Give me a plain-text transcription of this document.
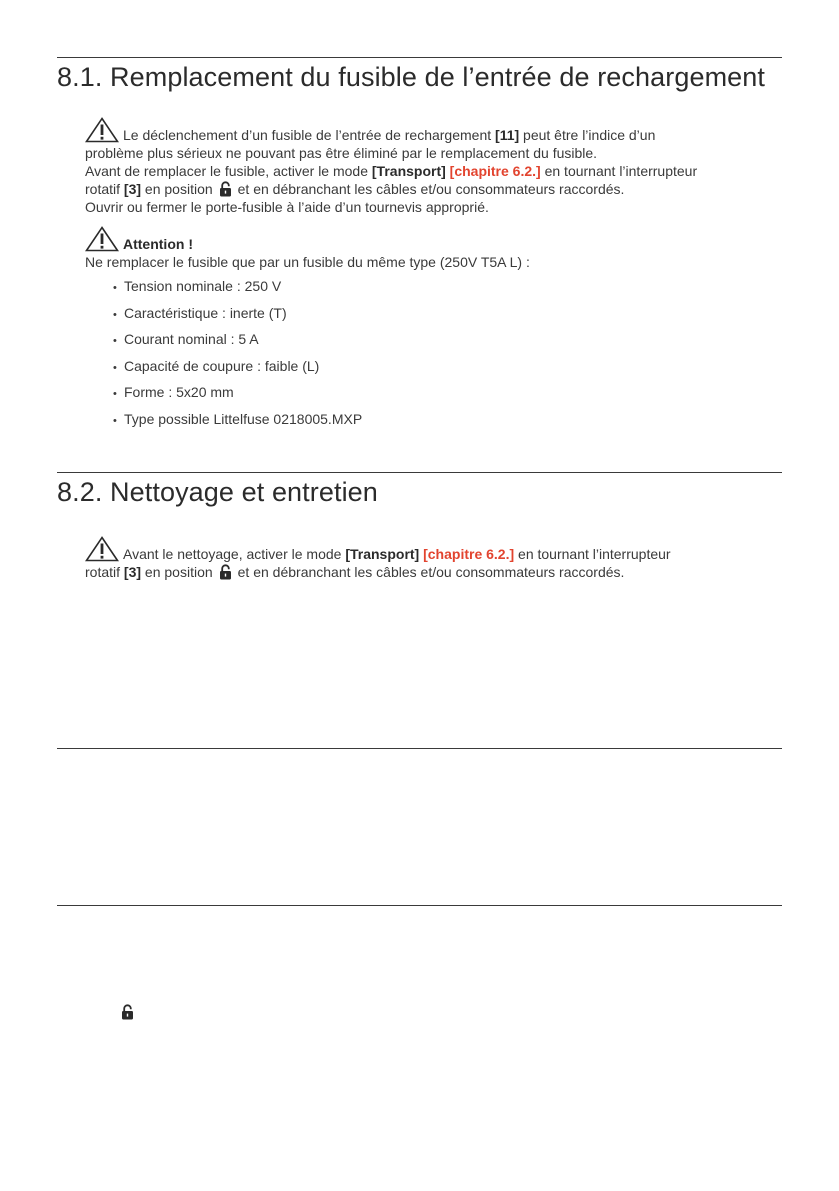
8.1. Remplacement du fusible de l’entrée de rechargement

Le déclenchement d’un fusible de l’entrée de rechargement [11] peut être l’indice d’un

problème plus sérieux ne pouvant pas être éliminé par le remplacement du fusible.

Avant de remplacer le fusible, activer le mode [Transport] [chapitre 6.2.] en tournant l’interrupteur

rotatif [3] en position et en débranchant les câbles et/ou consommateurs raccordés.

Ouvrir ou fermer le porte-fusible à l’aide d’un tournevis approprié.

Attention !

Ne remplacer le fusible que par un fusible du même type (250V T5A L) :

• Tension nominale : 250 V
• Caractéristique : inerte (T)
• Courant nominal : 5 A
• Capacité de coupure : faible (L)
• Forme : 5x20 mm
• Type possible Littelfuse 0218005.MXP
8.2. Nettoyage et entretien

Avant le nettoyage, activer le mode [Transport] [chapitre 6.2.] en tournant l’interrupteur

rotatif [3] en position et en débranchant les câbles et/ou consommateurs raccordés.
